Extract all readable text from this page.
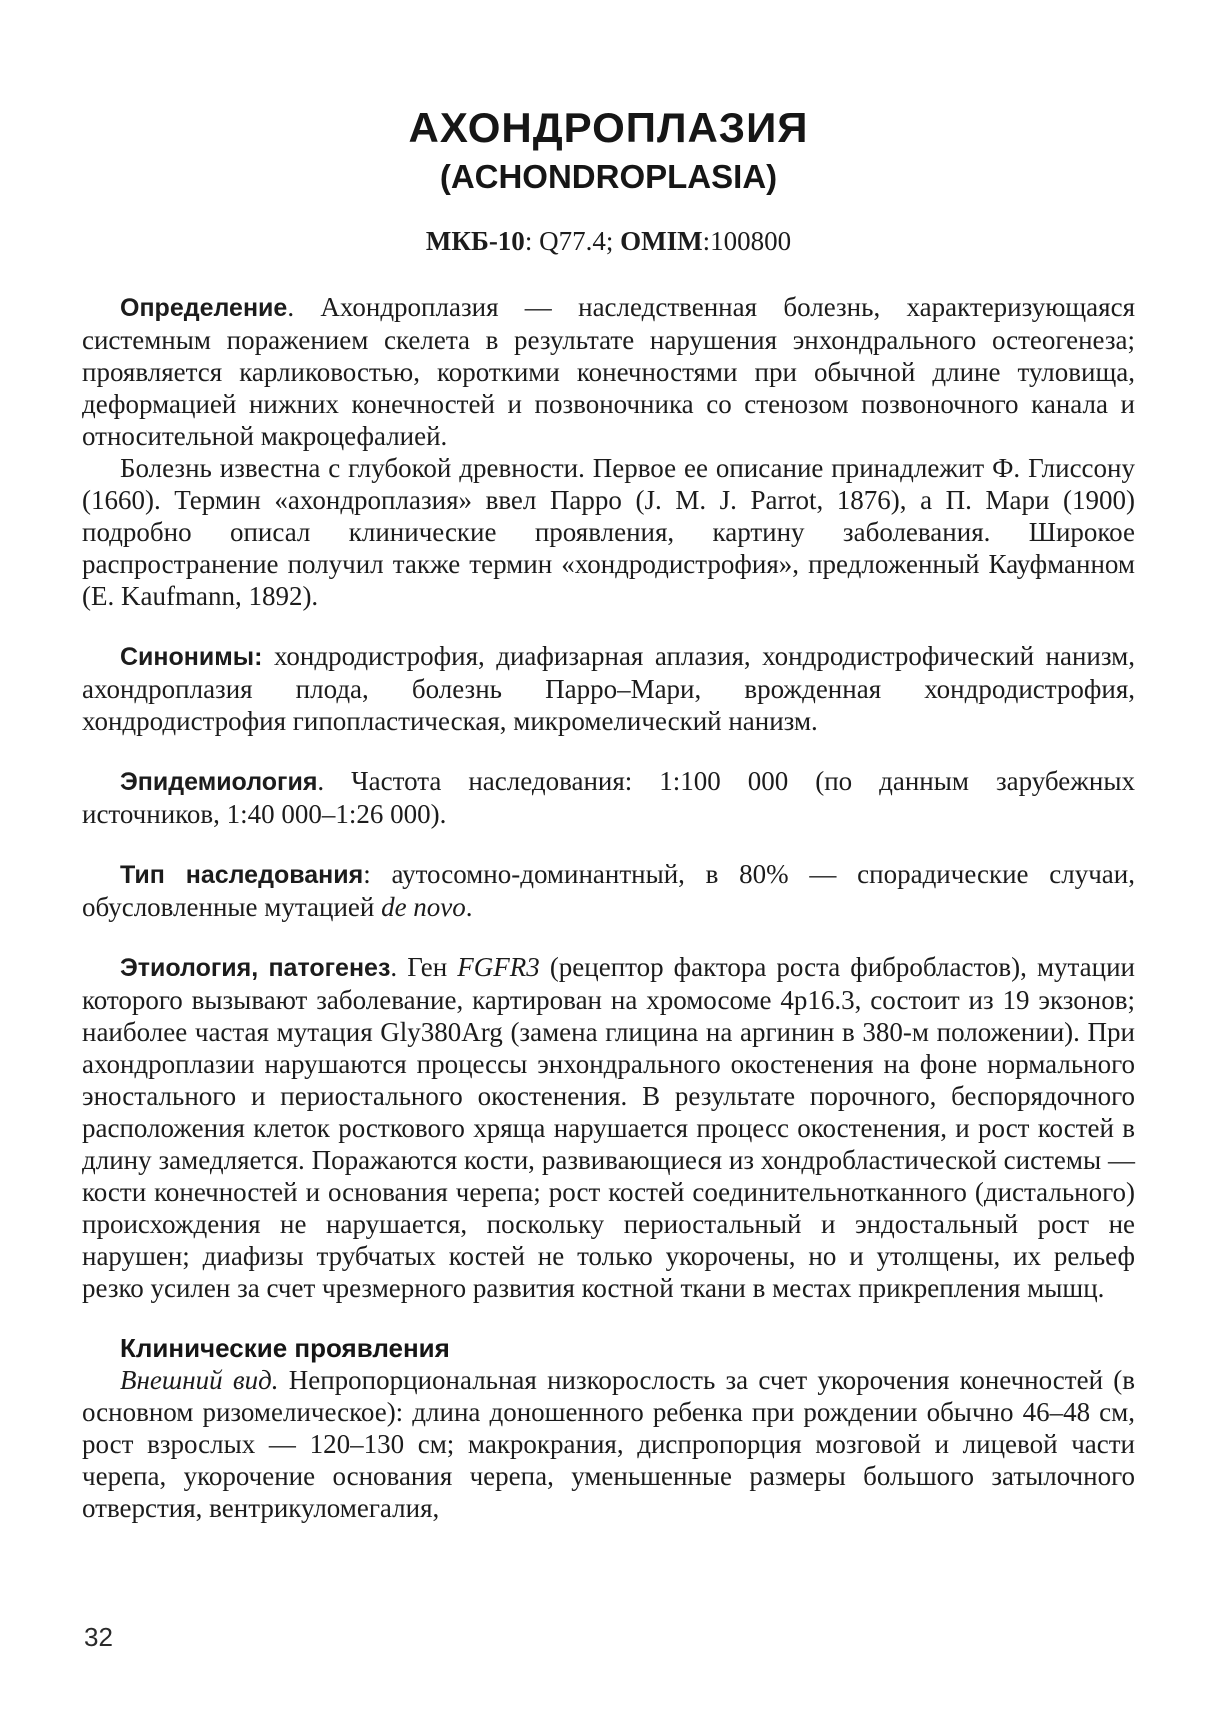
АХОНДРОПЛАЗИЯ
(ACHONDROPLASIA)

МКБ-10: Q77.4; OMIM:100800

Определение. Ахондроплазия — наследственная болезнь, характеризующаяся системным поражением скелета в результате нарушения энхондрального остеогенеза; проявляется карликовостью, короткими конечностями при обычной длине туловища, деформацией нижних конечностей и позвоночника со стенозом позвоночного канала и относительной макроцефалией.

Болезнь известна с глубокой древности. Первое ее описание принадлежит Ф. Глиссону (1660). Термин «ахондроплазия» ввел Парро (J. M. J. Parrot, 1876), а П. Мари (1900) подробно описал клинические проявления, картину заболевания. Широкое распространение получил также термин «хондродистрофия», предложенный Кауфманном (E. Kaufmann, 1892).

Синонимы: хондродистрофия, диафизарная аплазия, хондродистрофический нанизм, ахондроплазия плода, болезнь Парро–Мари, врожденная хондродистрофия, хондродистрофия гипопластическая, микромелический нанизм.

Эпидемиология. Частота наследования: 1:100 000 (по данным зарубежных источников, 1:40 000–1:26 000).

Тип наследования: аутосомно-доминантный, в 80% — спорадические случаи, обусловленные мутацией de novo.

Этиология, патогенез. Ген FGFR3 (рецептор фактора роста фибробластов), мутации которого вызывают заболевание, картирован на хромосоме 4p16.3, состоит из 19 экзонов; наиболее частая мутация Gly380Arg (замена глицина на аргинин в 380-м положении). При ахондроплазии нарушаются процессы энхондрального окостенения на фоне нормального эностального и периостального окостенения. В результате порочного, беспорядочного расположения клеток росткового хряща нарушается процесс окостенения, и рост костей в длину замедляется. Поражаются кости, развивающиеся из хондробластической системы — кости конечностей и основания черепа; рост костей соединительнотканного (дистального) происхождения не нарушается, поскольку периостальный и эндостальный рост не нарушен; диафизы трубчатых костей не только укорочены, но и утолщены, их рельеф резко усилен за счет чрезмерного развития костной ткани в местах прикрепления мышц.

Клинические проявления

Внешний вид. Непропорциональная низкорослость за счет укорочения конечностей (в основном ризомелическое): длина доношенного ребенка при рождении обычно 46–48 см, рост взрослых — 120–130 см; макрокрания, диспропорция мозговой и лицевой части черепа, укорочение основания черепа, уменьшенные размеры большого затылочного отверстия, вентрикуломегалия,

32
